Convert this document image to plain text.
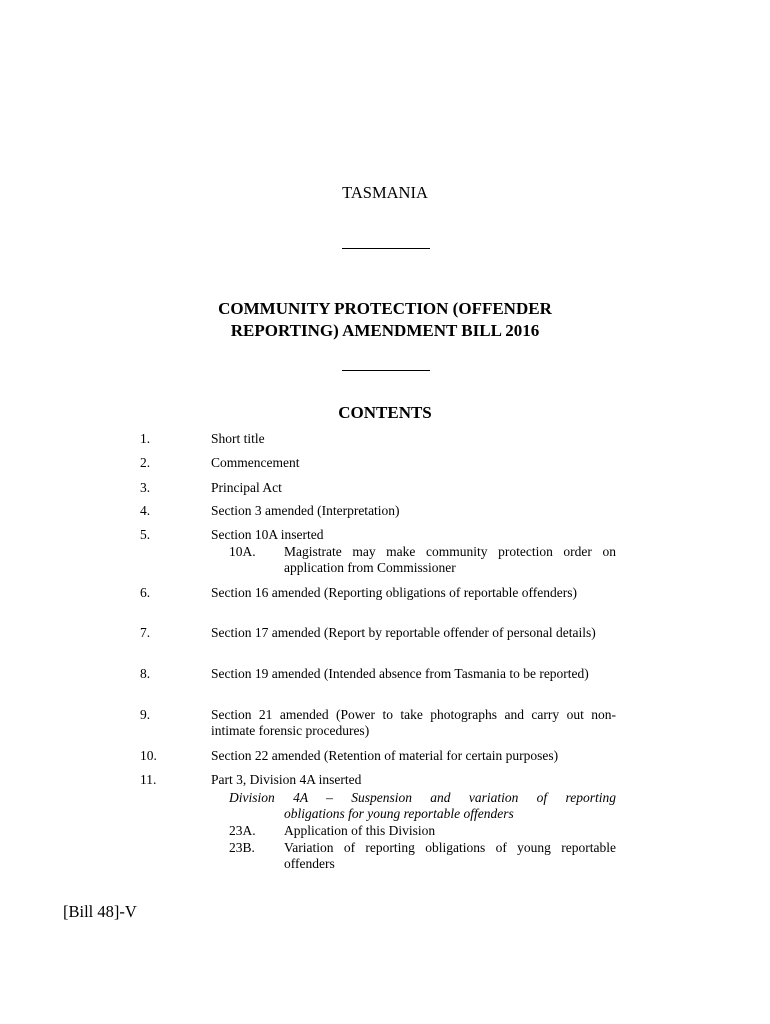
TASMANIA
COMMUNITY PROTECTION (OFFENDER
REPORTING) AMENDMENT BILL 2016
CONTENTS
1.	Short title
2.	Commencement
3.	Principal Act
4.	Section 3 amended (Interpretation)
5.	Section 10A inserted
10A. Magistrate may make community protection order on application from Commissioner
6.	Section 16 amended (Reporting obligations of reportable offenders)
7.	Section 17 amended (Report by reportable offender of personal details)
8.	Section 19 amended (Intended absence from Tasmania to be reported)
9.	Section 21 amended (Power to take photographs and carry out non-intimate forensic procedures)
10.	Section 22 amended (Retention of material for certain purposes)
11.	Part 3, Division 4A inserted
Division 4A – Suspension and variation of reporting
obligations for young reportable offenders
23A. Application of this Division
23B. Variation of reporting obligations of young reportable offenders
[Bill 48]-V
